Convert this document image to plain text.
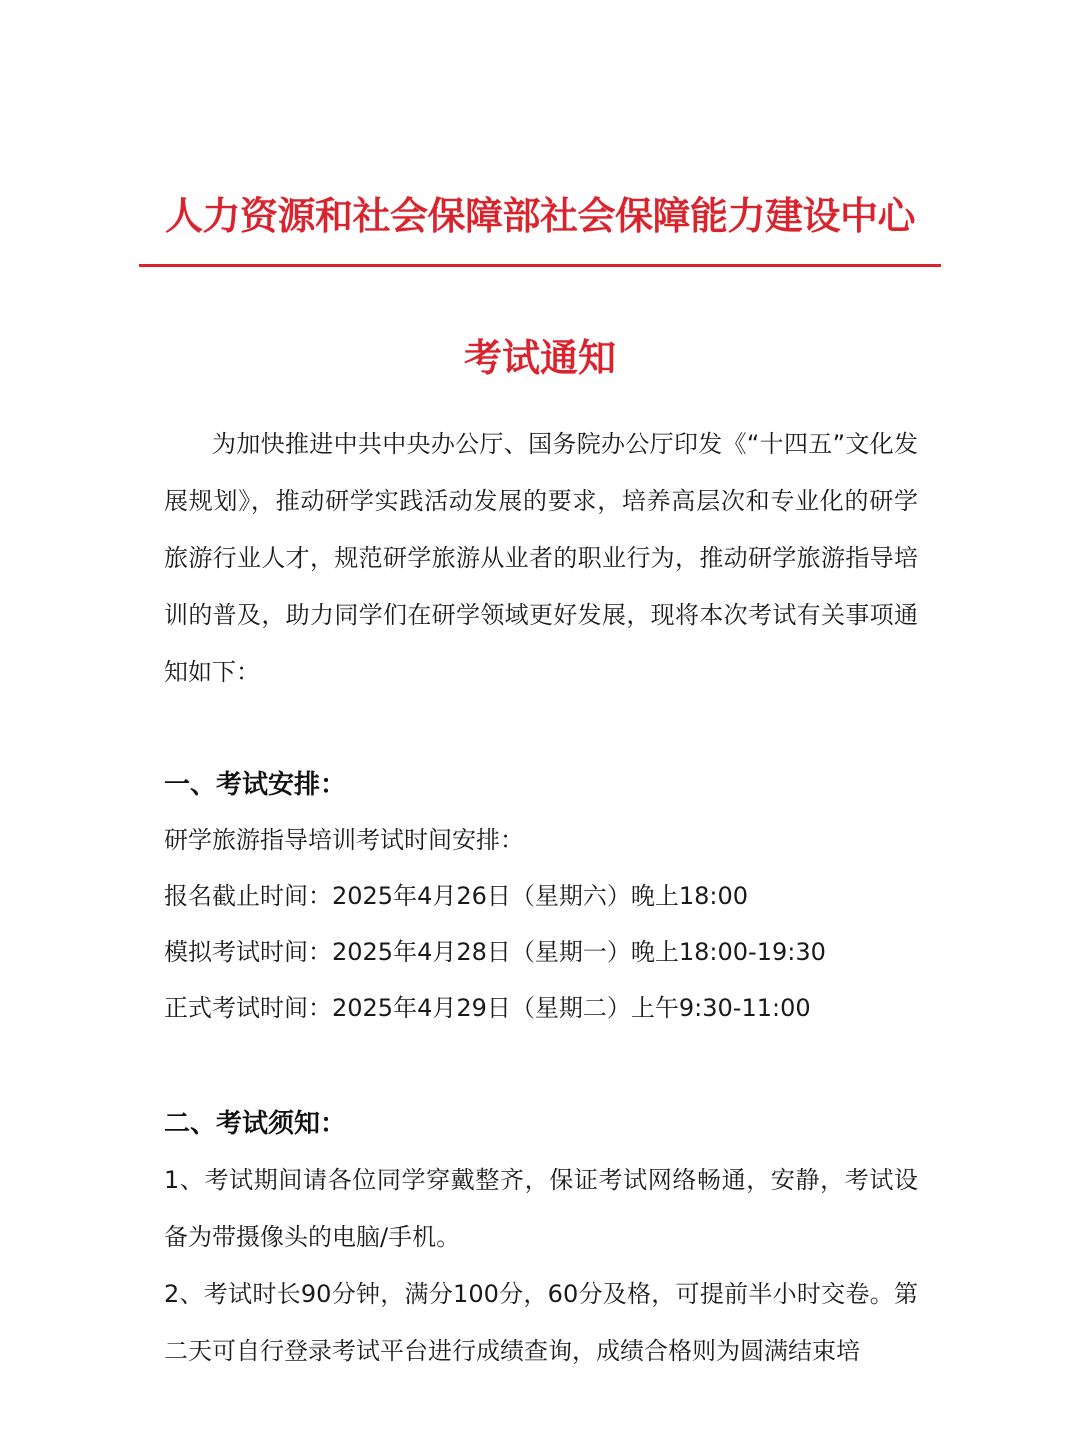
人力资源和社会保障部社会保障能力建设中心
考试通知
为加快推进中共中央办公厅、国务院办公厅印发《“十四五”文化发展规划》，推动研学实践活动发展的要求，培养高层次和专业化的研学旅游行业人才，规范研学旅游从业者的职业行为，推动研学旅游指导培训的普及，助力同学们在研学领域更好发展，现将本次考试有关事项通知如下：
一、考试安排：
研学旅游指导培训考试时间安排：
报名截止时间：2025年4月26日（星期六）晚上18:00
模拟考试时间：2025年4月28日（星期一）晚上18:00-19:30
正式考试时间：2025年4月29日（星期二）上午9:30-11:00
二、考试须知：
1、考试期间请各位同学穿戴整齐，保证考试网络畅通，安静，考试设备为带摄像头的电脑/手机。
2、考试时长90分钟，满分100分，60分及格，可提前半小时交卷。第二天可自行登录考试平台进行成绩查询，成绩合格则为圆满结束培
